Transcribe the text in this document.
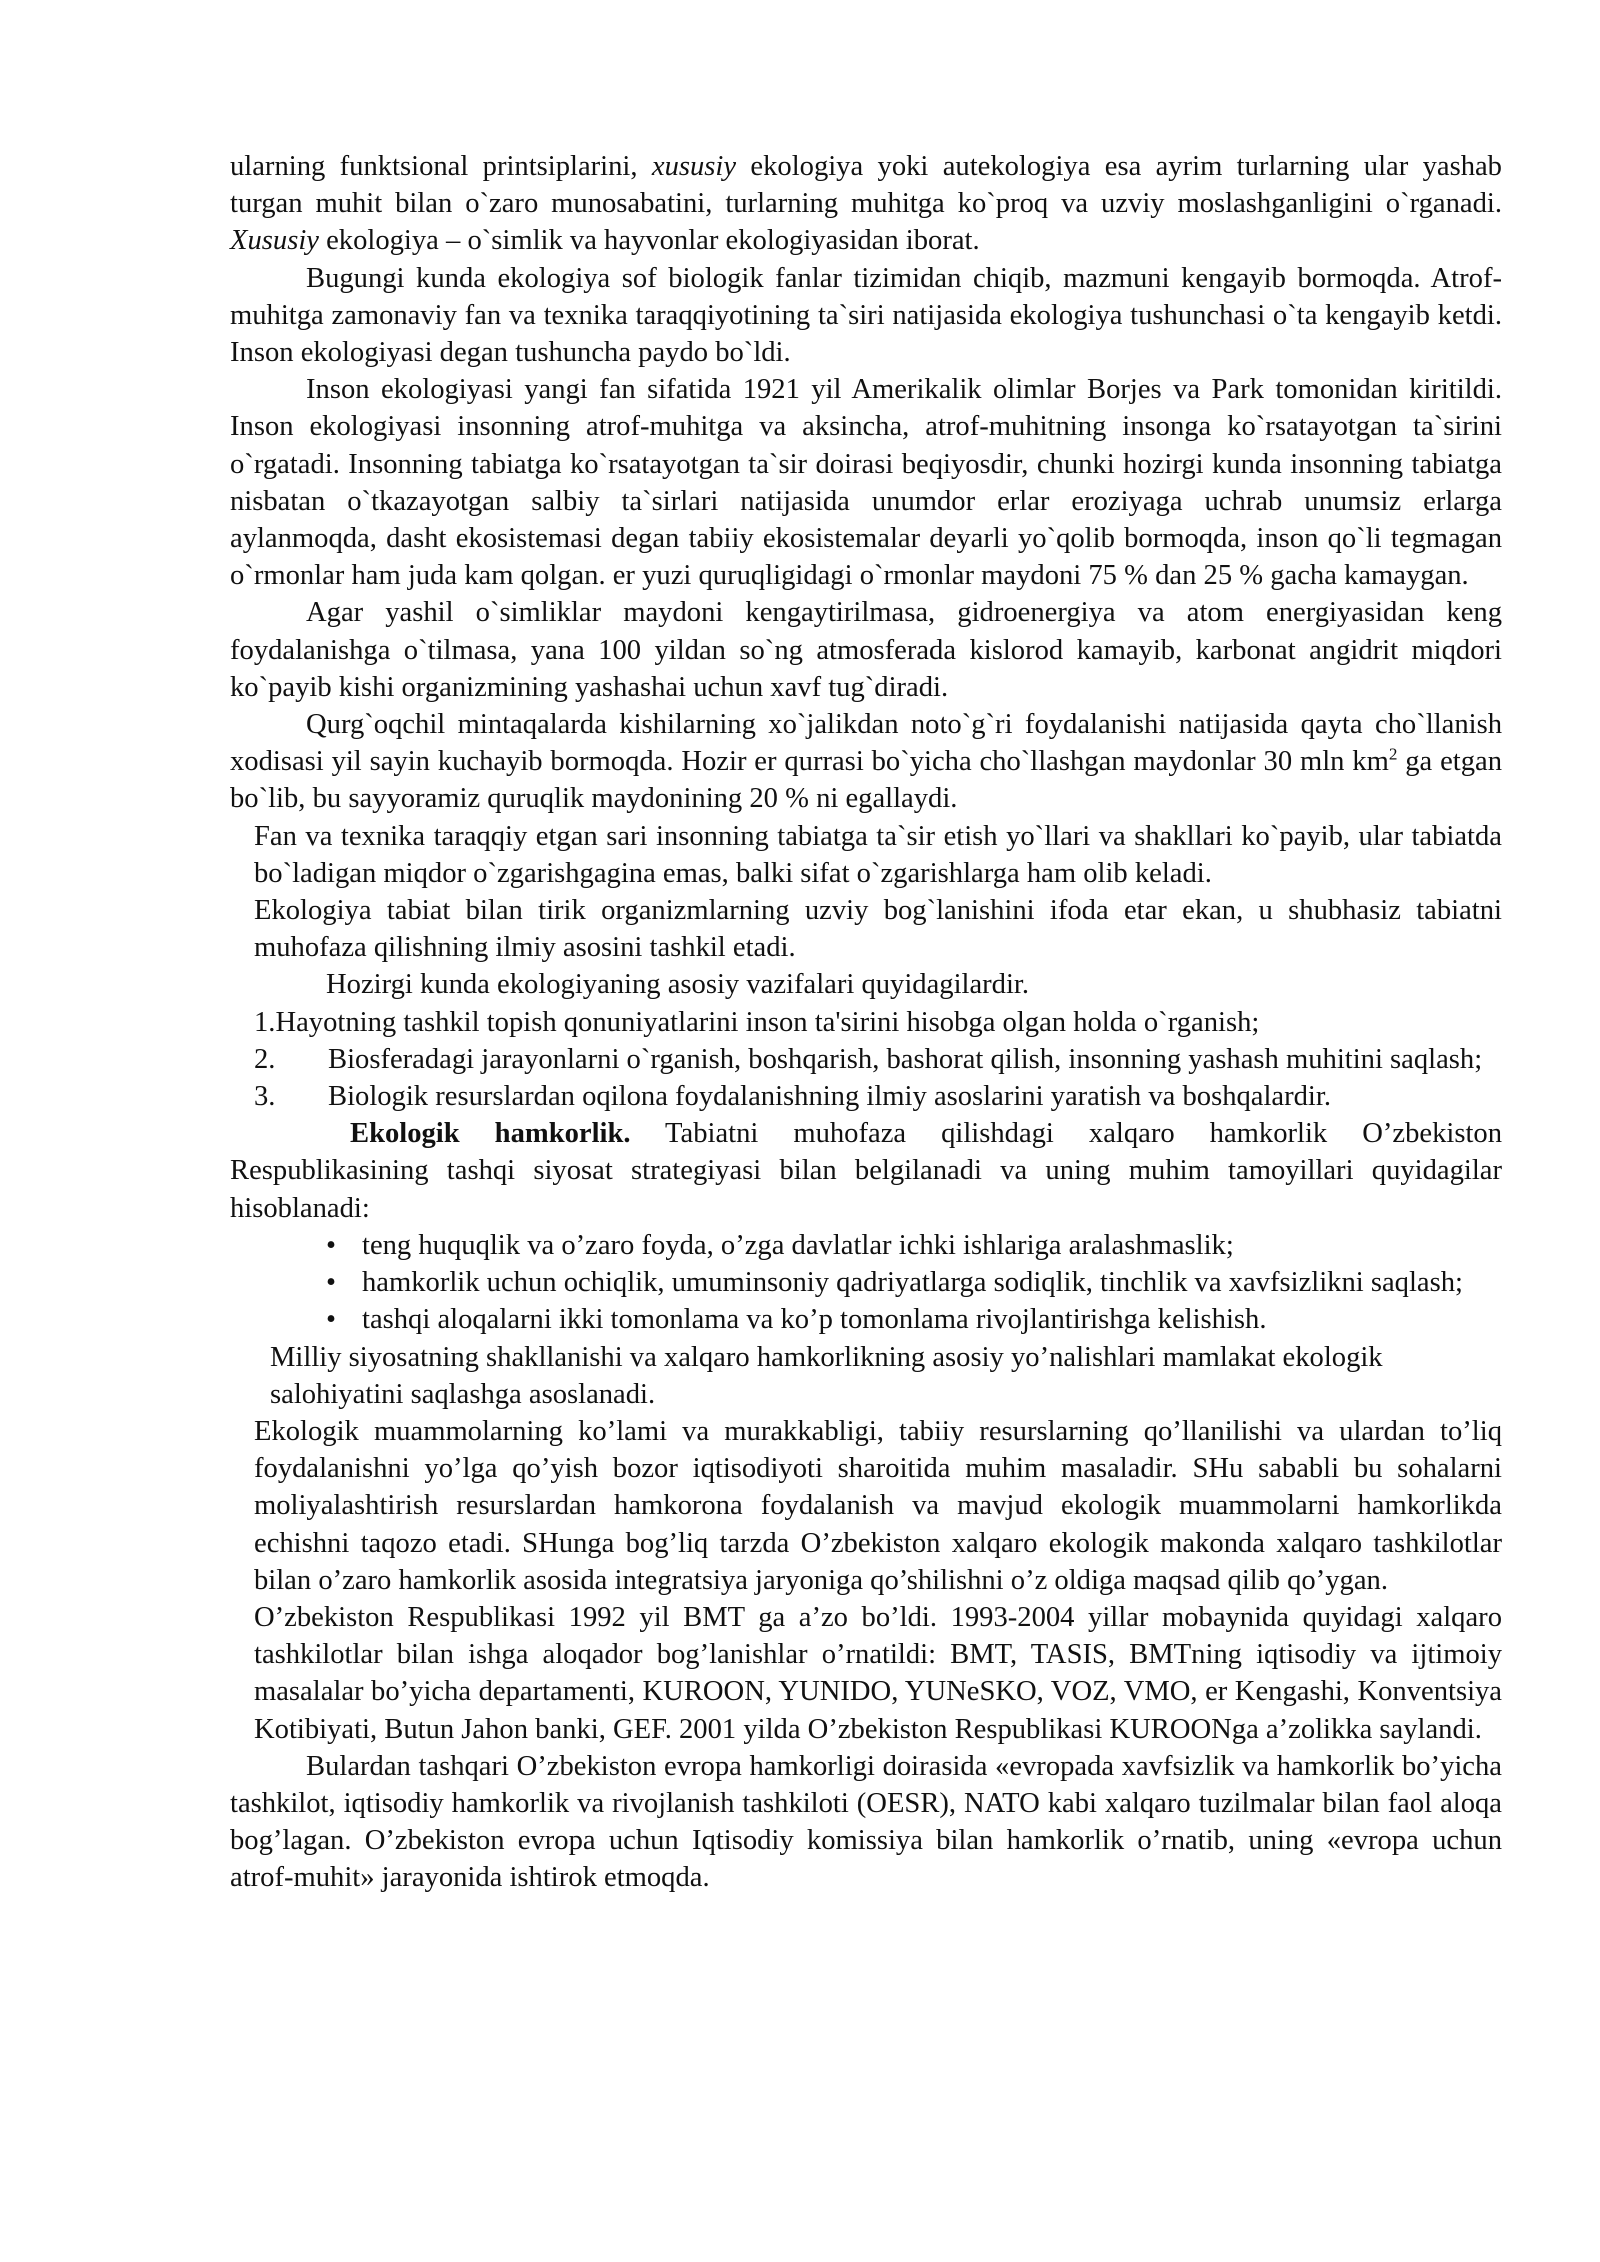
ularning funktsional printsiplarini, xususiy ekologiya yoki autekologiya esa ayrim turlarning ular yashab turgan muhit bilan o`zaro munosabatini, turlarning muhitga ko`proq va uzviy moslashganligini o`rganadi. Xususiy ekologiya – o`simlik va hayvonlar ekologiyasidan iborat.

Bugungi kunda ekologiya sof biologik fanlar tizimidan chiqib, mazmuni kengayib bormoqda. Atrof-muhitga zamonaviy fan va texnika taraqqiyotining ta`siri natijasida ekologiya tushunchasi o`ta kengayib ketdi. Inson ekologiyasi degan tushuncha paydo bo`ldi.

Inson ekologiyasi yangi fan sifatida 1921 yil Amerikalik olimlar Borjes va Park tomonidan kiritildi. Inson ekologiyasi insonning atrof-muhitga va aksincha, atrof-muhitning insonga ko`rsatayotgan ta`sirini o`rgatadi. Insonning tabiatga ko`rsatayotgan ta`sir doirasi beqiyosdir, chunki hozirgi kunda insonning tabiatga nisbatan o`tkazayotgan salbiy ta`sirlari natijasida unumdor erlar eroziyaga uchrab unumsiz erlarga aylanmoqda, dasht ekosistemasi degan tabiiy ekosistemalar deyarli yo`qolib bormoqda, inson qo`li tegmagan o`rmonlar ham juda kam qolgan. er yuzi quruqligidagi o`rmonlar maydoni 75 % dan 25 % gacha kamaygan.

Agar yashil o`simliklar maydoni kengaytirilmasa, gidroenergiya va atom energiyasidan keng foydalanishga o`tilmasa, yana 100 yildan so`ng atmosferada kislorod kamayib, karbonat angidrit miqdori ko`payib kishi organizmining yashashai uchun xavf tug`diradi.

Qurg`oqchil mintaqalarda kishilarning xo`jalikdan noto`g`ri foydalanishi natijasida qayta cho`llanish xodisasi yil sayin kuchayib bormoqda. Hozir er qurrasi bo`yicha cho`llashgan maydonlar 30 mln $km^2$ ga etgan bo`lib, bu sayyoramiz quruqlik maydonining 20 % ni egallaydi.

Fan va texnika taraqqiy etgan sari insonning tabiatga ta`sir etish yo`llari va shakllari ko`payib, ular tabiatda bo`ladigan miqdor o`zgarishgagina emas, balki sifat o`zgarishlarga ham olib keladi.

Ekologiya tabiat bilan tirik organizmlarning uzviy bog`lanishini ifoda etar ekan, u shubhasiz tabiatni muhofaza qilishning ilmiy asosini tashkil etadi.

Hozirgi kunda ekologiyaning asosiy vazifalari quyidagilardir.

1.Hayotning tashkil topish qonuniyatlarini inson ta'sirini hisobga olgan holda o`rganish;

2. Biosferadagi jarayonlarni o`rganish, boshqarish, bashorat qilish, insonning yashash muhitini saqlash;

3. Biologik resurslardan oqilona foydalanishning ilmiy asoslarini yaratish va boshqalardir.

Ekologik hamkorlik. Tabiatni muhofaza qilishdagi xalqaro hamkorlik O’zbekiston Respublikasining tashqi siyosat strategiyasi bilan belgilanadi va uning muhim tamoyillari quyidagilar hisoblanadi:

• teng huquqlik va o’zaro foyda, o’zga davlatlar ichki ishlariga aralashmaslik;

• hamkorlik uchun ochiqlik, umuminsoniy qadriyatlarga sodiqlik, tinchlik va xavfsizlikni saqlash;

• tashqi aloqalarni ikki tomonlama va ko’p tomonlama rivojlantirishga kelishish.

Milliy siyosatning shakllanishi va xalqaro hamkorlikning asosiy yo’nalishlari mamlakat ekologik salohiyatini saqlashga asoslanadi.

Ekologik muammolarning ko’lami va murakkabligi, tabiiy resurslarning qo’llanilishi va ulardan to’liq foydalanishni yo’lga qo’yish bozor iqtisodiyoti sharoitida muhim masaladir. SHu sababli bu sohalarni moliyalashtirish resurslardan hamkorona foydalanish va mavjud ekologik muammolarni hamkorlikda echishni taqozo etadi. SHunga bog’liq tarzda O’zbekiston xalqaro ekologik makonda xalqaro tashkilotlar bilan o’zaro hamkorlik asosida integratsiya jaryoniga qo’shilishni o’z oldiga maqsad qilib qo’ygan.

O’zbekiston Respublikasi 1992 yil BMT ga a’zo bo’ldi. 1993-2004 yillar mobaynida quyidagi xalqaro tashkilotlar bilan ishga aloqador bog’lanishlar o’rnatildi: BMT, TASIS, BMTning iqtisodiy va ijtimoiy masalalar bo’yicha departamenti, KUROON, YUNIDO, YUNeSKO, VOZ, VMO, er Kengashi, Konventsiya Kotibiyati, Butun Jahon banki, GEF. 2001 yilda O’zbekiston Respublikasi KUROONga a’zolikka saylandi.

Bulardan tashqari O’zbekiston evropa hamkorligi doirasida «evropada xavfsizlik va hamkorlik bo’yicha tashkilot, iqtisodiy hamkorlik va rivojlanish tashkiloti (OESR), NATO kabi xalqaro tuzilmalar bilan faol aloqa bog’lagan. O’zbekiston evropa uchun Iqtisodiy komissiya bilan hamkorlik o’rnatib, uning «evropa uchun atrof-muhit» jarayonida ishtirok etmoqda.
